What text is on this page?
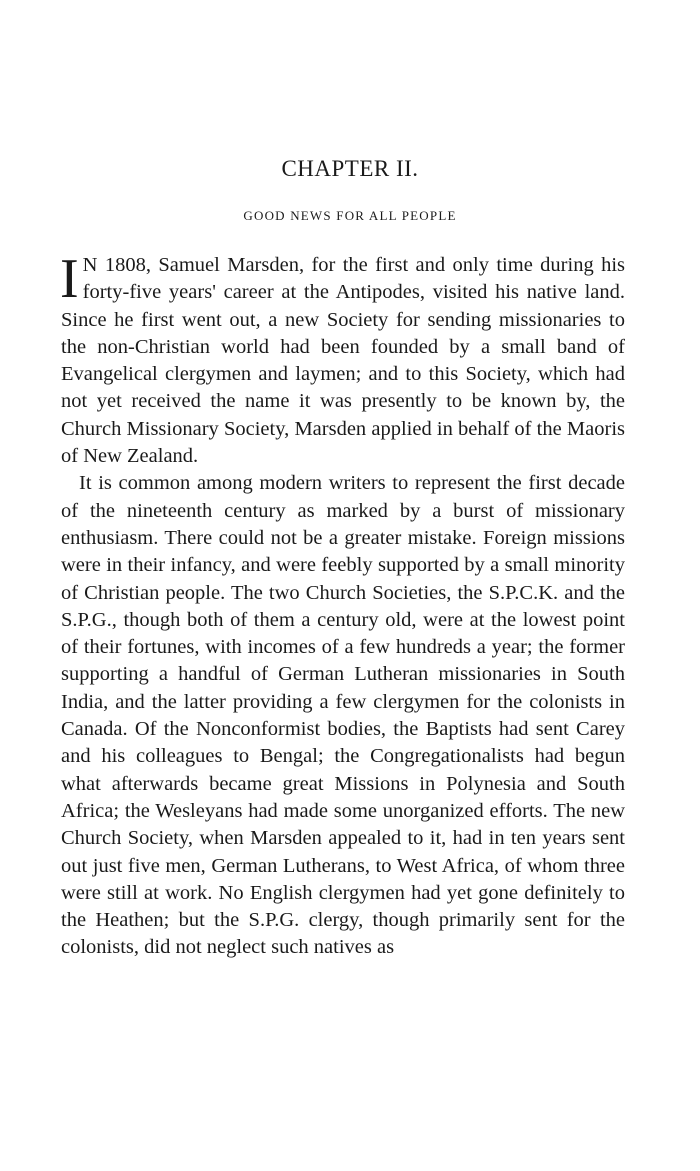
CHAPTER II.
GOOD NEWS FOR ALL PEOPLE

I N 1808, Samuel Marsden, for the first and only time during his forty-five years' career at the Antipodes, visited his native land. Since he first went out, a new Society for sending missionaries to the non-Christian world had been founded by a small band of Evangelical clergymen and laymen; and to this Society, which had not yet received the name it was presently to be known by, the Church Missionary Society, Marsden applied in behalf of the Maoris of New Zealand.

It is common among modern writers to represent the first decade of the nineteenth century as marked by a burst of missionary enthusiasm. There could not be a greater mistake. Foreign missions were in their infancy, and were feebly supported by a small minority of Christian people. The two Church Societies, the S.P.C.K. and the S.P.G., though both of them a century old, were at the lowest point of their fortunes, with incomes of a few hundreds a year; the former supporting a handful of German Lutheran missionaries in South India, and the latter providing a few clergymen for the colonists in Canada. Of the Nonconformist bodies, the Baptists had sent Carey and his colleagues to Bengal; the Congregationalists had begun what afterwards became great Missions in Polynesia and South Africa; the Wesleyans had made some unorganized efforts. The new Church Society, when Marsden appealed to it, had in ten years sent out just five men, German Lutherans, to West Africa, of whom three were still at work. No English clergymen had yet gone definitely to the Heathen; but the S.P.G. clergy, though primarily sent for the colonists, did not neglect such natives as
